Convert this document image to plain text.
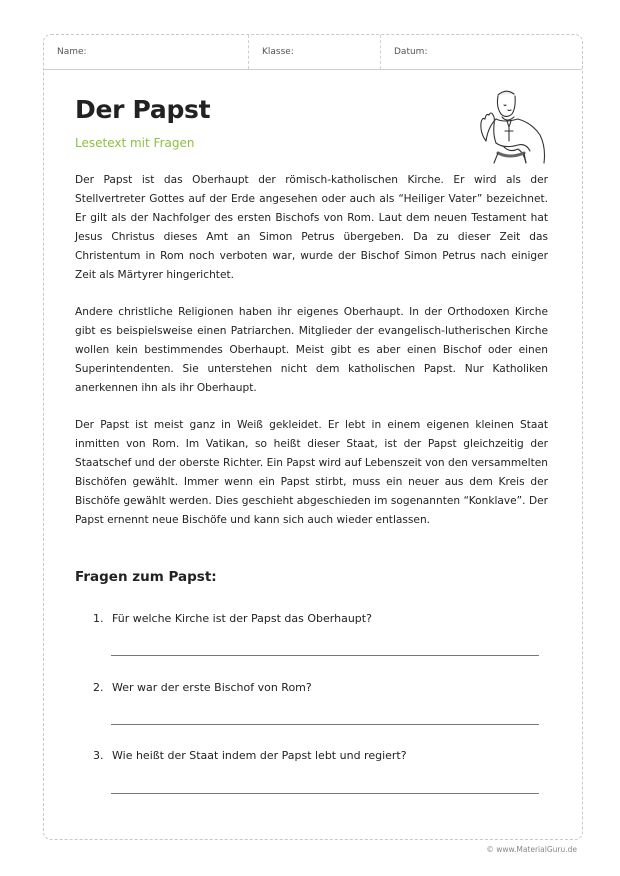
Name:	Klasse:	Datum:
Der Papst
Lesetext mit Fragen

Der Papst ist das Oberhaupt der römisch-katholischen Kirche. Er wird als der Stellvertreter Gottes auf der Erde angesehen oder auch als “Heiliger Vater” bezeichnet. Er gilt als der Nachfolger des ersten Bischofs von Rom. Laut dem neuen Testament hat Jesus Christus dieses Amt an Simon Petrus übergeben. Da zu dieser Zeit das Christentum in Rom noch verboten war, wurde der Bischof Simon Petrus nach einiger Zeit als Märtyrer hingerichtet.

Andere christliche Religionen haben ihr eigenes Oberhaupt. In der Orthodoxen Kirche gibt es beispielsweise einen Patriarchen. Mitglieder der evangelisch-lutherischen Kirche wollen kein bestimmendes Oberhaupt. Meist gibt es aber einen Bischof oder einen Superintendenten. Sie unterstehen nicht dem katholischen Papst. Nur Katholiken anerkennen ihn als ihr Oberhaupt.

Der Papst ist meist ganz in Weiß gekleidet. Er lebt in einem eigenen kleinen Staat inmitten von Rom. Im Vatikan, so heißt dieser Staat, ist der Papst gleichzeitig der Staatschef und der oberste Richter. Ein Papst wird auf Lebenszeit von den versammelten Bischöfen gewählt. Immer wenn ein Papst stirbt, muss ein neuer aus dem Kreis der Bischöfe gewählt werden. Dies geschieht abgeschieden im sogenannten “Konklave”. Der Papst ernennt neue Bischöfe und kann sich auch wieder entlassen.

Fragen zum Papst:
1. Für welche Kirche ist der Papst das Oberhaupt?
2. Wer war der erste Bischof von Rom?
3. Wie heißt der Staat indem der Papst lebt und regiert?
© www.MaterialGuru.de
